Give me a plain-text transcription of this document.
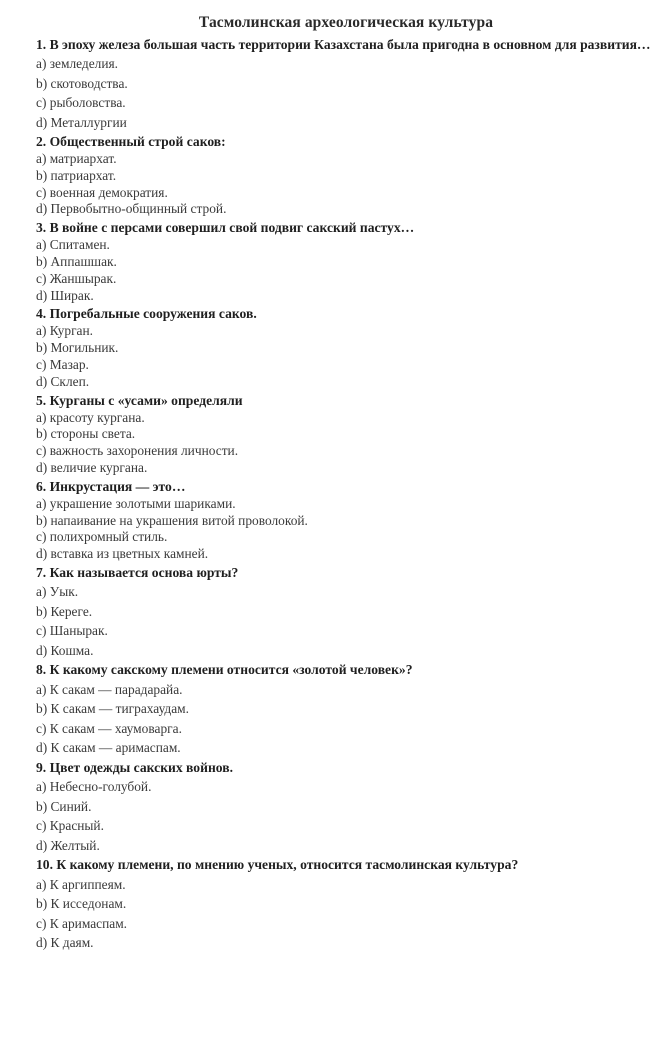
Тасмолинская археологическая культура
1. В эпоху железа большая часть территории Казахстана была пригодна в основном для развития…
a) земледелия.
b) скотоводства.
c) рыболовства.
d) Металлургии
2. Общественный строй саков:
a) матриархат.
b) патриархат.
c) военная демократия.
d) Первобытно-общинный строй.
3. В войне с персами совершил свой подвиг сакский пастух…
a) Спитамен.
b) Аппашшак.
c) Жаншырак.
d) Ширак.
4. Погребальные сооружения саков.
a) Курган.
b) Могильник.
c) Мазар.
d) Склеп.
5. Курганы с «усами» определяли
a) красоту кургана.
b) стороны света.
c) важность захоронения личности.
d) величие кургана.
6. Инкрустация — это…
a) украшение золотыми шариками.
b) напаивание на украшения витой проволокой.
c) полихромный стиль.
d) вставка из цветных камней.
7. Как называется основа юрты?
a) Уык.
b) Кереге.
c) Шанырак.
d) Кошма.
8. К какому сакскому племени относится «золотой человек»?
a) К сакам — парадарайа.
b) К сакам — тиграхаудам.
c) К сакам — хаумоварга.
d) К сакам — аримаспам.
9. Цвет одежды сакских войнов.
a) Небесно-голубой.
b) Синий.
c) Красный.
d) Желтый.
10. К какому племени, по мнению ученых, относится тасмолинская культура?
a) К аргиппеям.
b) К исседонам.
c) К аримаспам.
d) К даям.
